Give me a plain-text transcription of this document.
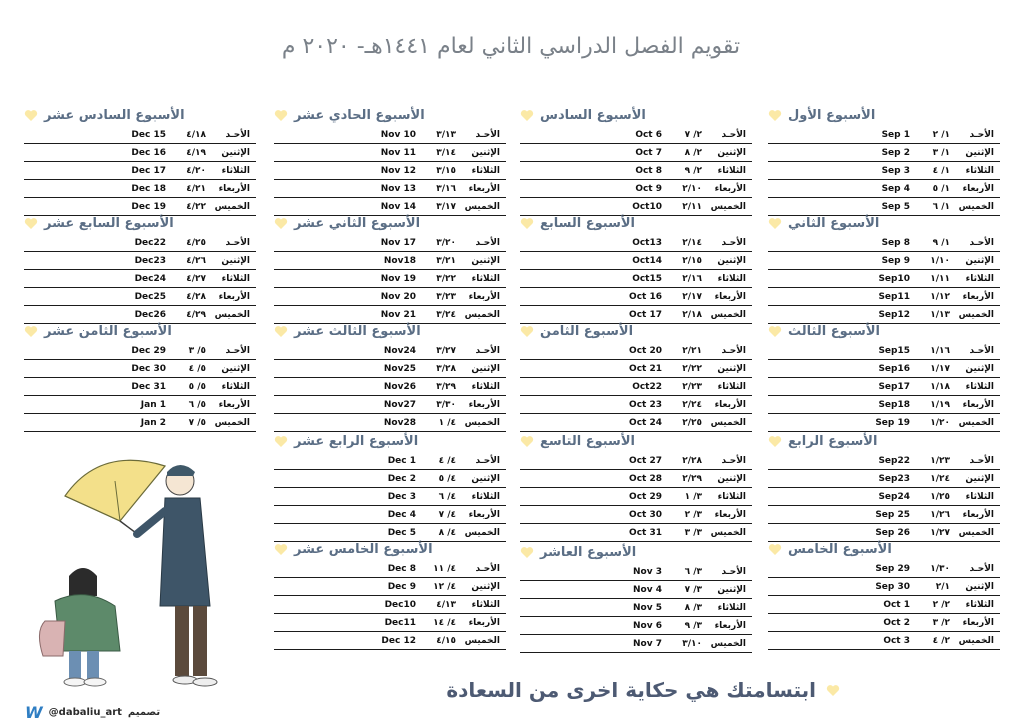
تقويم الفصل الدراسي الثاني لعام ١٤٤١هـ- ٢٠٢٠ م
الأسبوع الأول
الأحـد
١/ ٢
Sep 1
الإثنين
١/ ٣
Sep 2
الثلاثاء
١/ ٤
Sep 3
الأربعاء
١/ ٥
Sep 4
الخميس
١/ ٦
Sep 5
الأسبوع الثاني
الأحـد
١/ ٩
Sep 8
الإثنين
١/١٠
Sep 9
الثلاثاء
١/١١
Sep10
الأربعاء
١/١٢
Sep11
الخميس
١/١٣
Sep12
الأسبوع الثالث
الأحـد
١/١٦
Sep15
الإثنين
١/١٧
Sep16
الثلاثاء
١/١٨
Sep17
الأربعاء
١/١٩
Sep18
الخميس
١/٢٠
Sep 19
الأسبوع الرابع
الأحـد
١/٢٣
Sep22
الإثنين
١/٢٤
Sep23
الثلاثاء
١/٢٥
Sep24
الأربعاء
١/٢٦
Sep 25
الخميس
١/٢٧
Sep 26
الأسبوع الخامس
الأحـد
١/٣٠
Sep 29
الإثنين
٢/١
Sep 30
الثلاثاء
٢/ ٢
Oct 1
الأربعاء
٢/ ٣
Oct 2
الخميس
٢/ ٤
Oct 3
الأسبوع السادس
الأحـد
٢/ ٧
Oct 6
الإثنين
٢/ ٨
Oct 7
الثلاثاء
٢/ ٩
Oct 8
الأربعاء
٢/١٠
Oct 9
الخميس
٢/١١
Oct10
الأسبوع السابع
الأحـد
٢/١٤
Oct13
الإثنين
٢/١٥
Oct14
الثلاثاء
٢/١٦
Oct15
الأربعاء
٢/١٧
Oct 16
الخميس
٢/١٨
Oct 17
الأسبوع الثامن
الأحـد
٢/٢١
Oct 20
الإثنين
٢/٢٢
Oct 21
الثلاثاء
٢/٢٣
Oct22
الأربعاء
٢/٢٤
Oct 23
الخميس
٢/٢٥
Oct 24
الأسبوع التاسع
الأحـد
٢/٢٨
Oct 27
الإثنين
٢/٢٩
Oct 28
الثلاثاء
٣/ ١
Oct 29
الأربعاء
٣/ ٢
Oct 30
الخميس
٣/ ٣
Oct 31
الأسبوع العاشر
الأحـد
٣/ ٦
Nov 3
الإثنين
٣/ ٧
Nov 4
الثلاثاء
٣/ ٨
Nov 5
الأربعاء
٣/ ٩
Nov 6
الخميس
٣/١٠
Nov 7
الأسبوع الحادي عشر
الأحـد
٣/١٣
Nov 10
الإثنين
٣/١٤
Nov 11
الثلاثاء
٣/١٥
Nov 12
الأربعاء
٣/١٦
Nov 13
الخميس
٣/١٧
Nov 14
الأسبوع الثاني عشر
الأحـد
٣/٢٠
Nov 17
الإثنين
٣/٢١
Nov18
الثلاثاء
٣/٢٢
Nov 19
الأربعاء
٣/٢٣
Nov 20
الخميس
٣/٢٤
Nov 21
الأسبوع الثالث عشر
الأحـد
٣/٢٧
Nov24
الإثنين
٣/٢٨
Nov25
الثلاثاء
٣/٢٩
Nov26
الأربعاء
٣/٣٠
Nov27
الخميس
٤/ ١
Nov28
الأسبوع الرابع عشر
الأحـد
٤/ ٤
Dec 1
الإثنين
٤/ ٥
Dec 2
الثلاثاء
٤/ ٦
Dec 3
الأربعاء
٤/ ٧
Dec 4
الخميس
٤/ ٨
Dec 5
الأسبوع الخامس عشر
الأحـد
٤/ ١١
Dec 8
الإثنين
٤/ ١٢
Dec 9
الثلاثاء
٤/١٣
Dec10
الأربعاء
٤/ ١٤
Dec11
الخميس
٤/١٥
Dec 12
الأسبوع السادس عشر
الأحـد
٤/١٨
Dec 15
الإثنين
٤/١٩
Dec 16
الثلاثاء
٤/٢٠
Dec 17
الأربعاء
٤/٢١
Dec 18
الخميس
٤/٢٢
Dec 19
الأسبوع السابع عشر
الأحـد
٤/٢٥
Dec22
الإثنين
٤/٢٦
Dec23
الثلاثاء
٤/٢٧
Dec24
الأربعاء
٤/٢٨
Dec25
الخميس
٤/٢٩
Dec26
الأسبوع الثامن عشر
الأحـد
٥/ ٣
Dec 29
الإثنين
٥/ ٤
Dec 30
الثلاثاء
٥/ ٥
Dec 31
الأربعاء
٥/ ٦
Jan 1
الخميس
٥/ ٧
Jan 2
ابتسامتك هي حكاية اخرى من السعادة
W @dabaliu_art تصميم
